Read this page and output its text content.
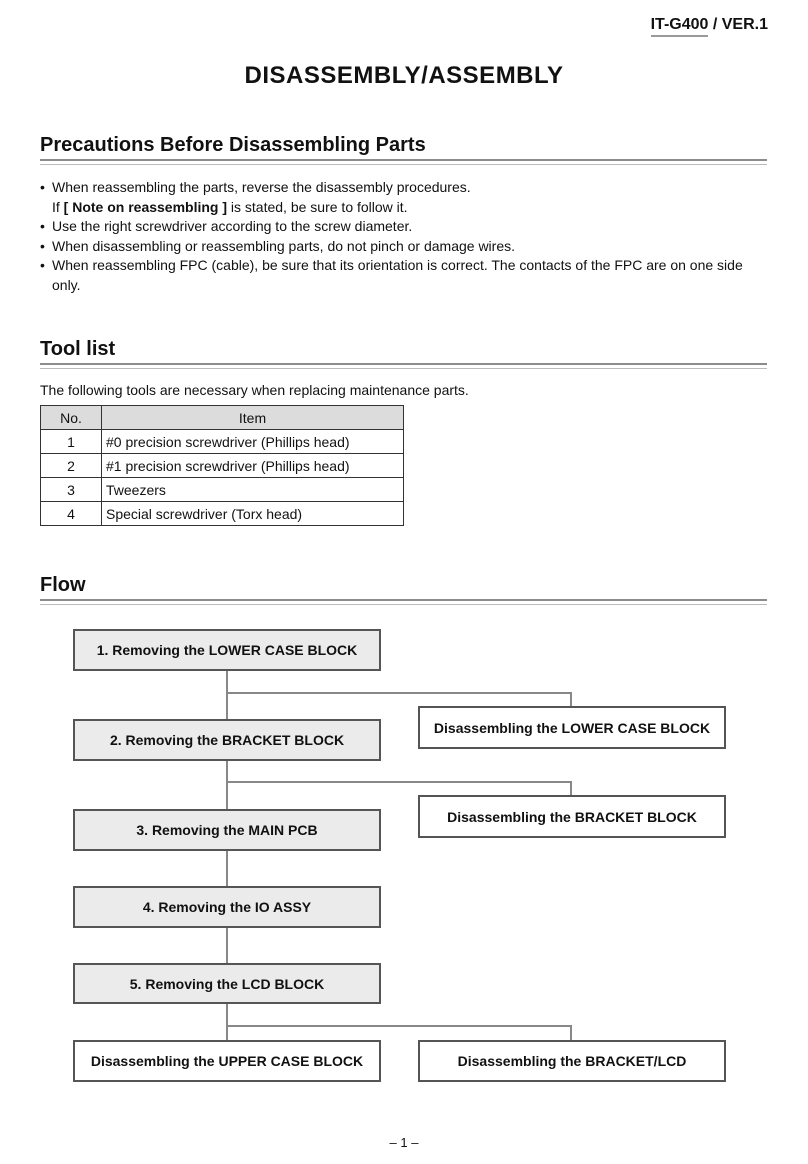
IT-G400 / VER.1
DISASSEMBLY/ASSEMBLY
Precautions Before Disassembling Parts
• When reassembling the parts, reverse the disassembly procedures.
If [ Note on reassembling ] is stated, be sure to follow it.
• Use the right screwdriver according to the screw diameter.
• When disassembling or reassembling parts, do not pinch or damage wires.
• When reassembling FPC (cable), be sure that its orientation is correct. The contacts of the FPC are on one side only.
Tool list
The following tools are necessary when replacing maintenance parts.
No.	Item
1	#0 precision screwdriver (Phillips head)
2	#1 precision screwdriver (Phillips head)
3	Tweezers
4	Special screwdriver (Torx head)
Flow
1. Removing the LOWER CASE BLOCK
2. Removing the BRACKET BLOCK
3. Removing the MAIN PCB
4. Removing the IO ASSY
5. Removing the LCD BLOCK
Disassembling the LOWER CASE BLOCK
Disassembling the BRACKET BLOCK
Disassembling the UPPER CASE BLOCK	Disassembling the BRACKET/LCD
– 1 –
